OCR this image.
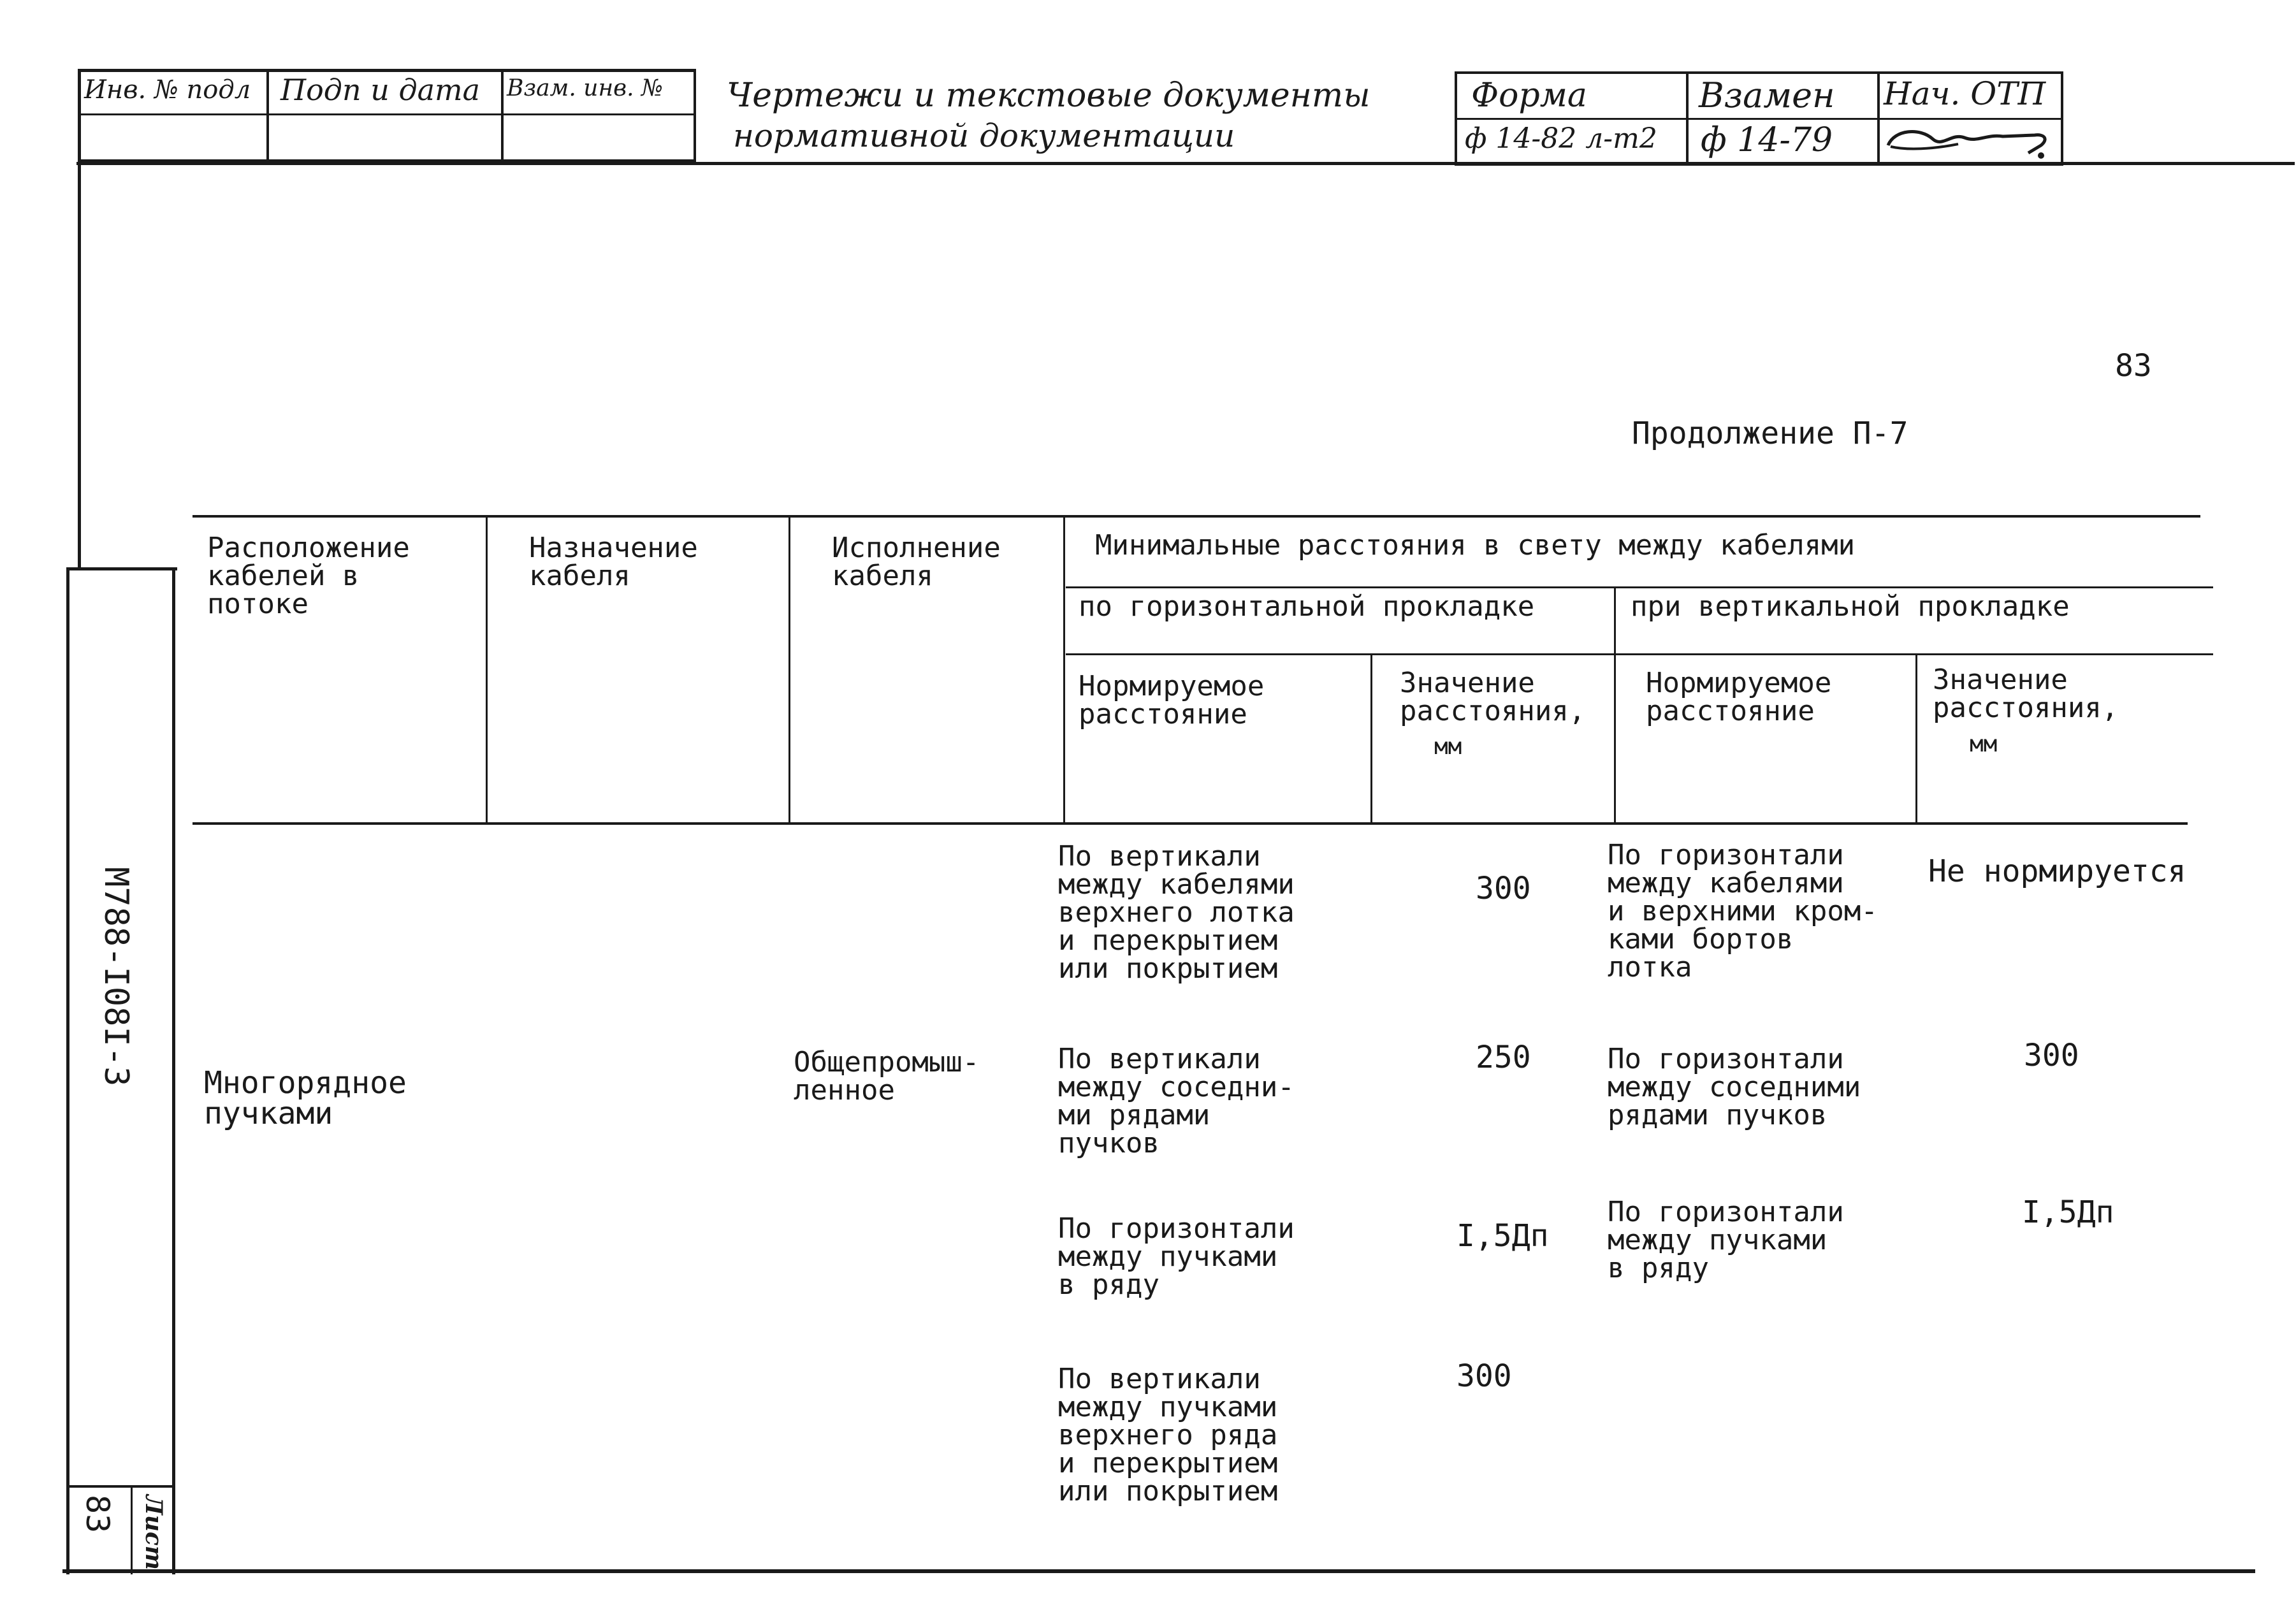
Инв. № подл Подп и дата Взам. инв. № Чертежи и текстовые документы
нормативной документации
Форма
ф 14-82 л-т2
Взамен
ф 14-79
Нач. ОТП
М788-I08I-3
83 Лист
83
Продолжение П-7
Расположение
кабелей в
потоке
Назначение
кабеля
Исполнение
кабеля
Минимальные расстояния в свету между кабелями
по горизонтальной прокладке	при вертикальной прокладке
Нормируемое
расстояние
Значение
расстояния,
мм
Нормируемое
расстояние
Значение
расстояния,
мм
Многорядное
пучками
Общепромыш-
ленное
По вертикали
между кабелями
верхнего лотка
и перекрытием
или покрытием
300
По горизонтали
между кабелями
и верхними кром-
ками бортов
лотка
Не нормируется
По вертикали
между соседни-
ми рядами
пучков
250	По горизонтали
между соседними
рядами пучков
300
По горизонтали
между пучками
в ряду
I,5Дп
По горизонтали
между пучками
в ряду
I,5Дп
По вертикали
между пучками
верхнего ряда
и перекрытием
или покрытием
300
